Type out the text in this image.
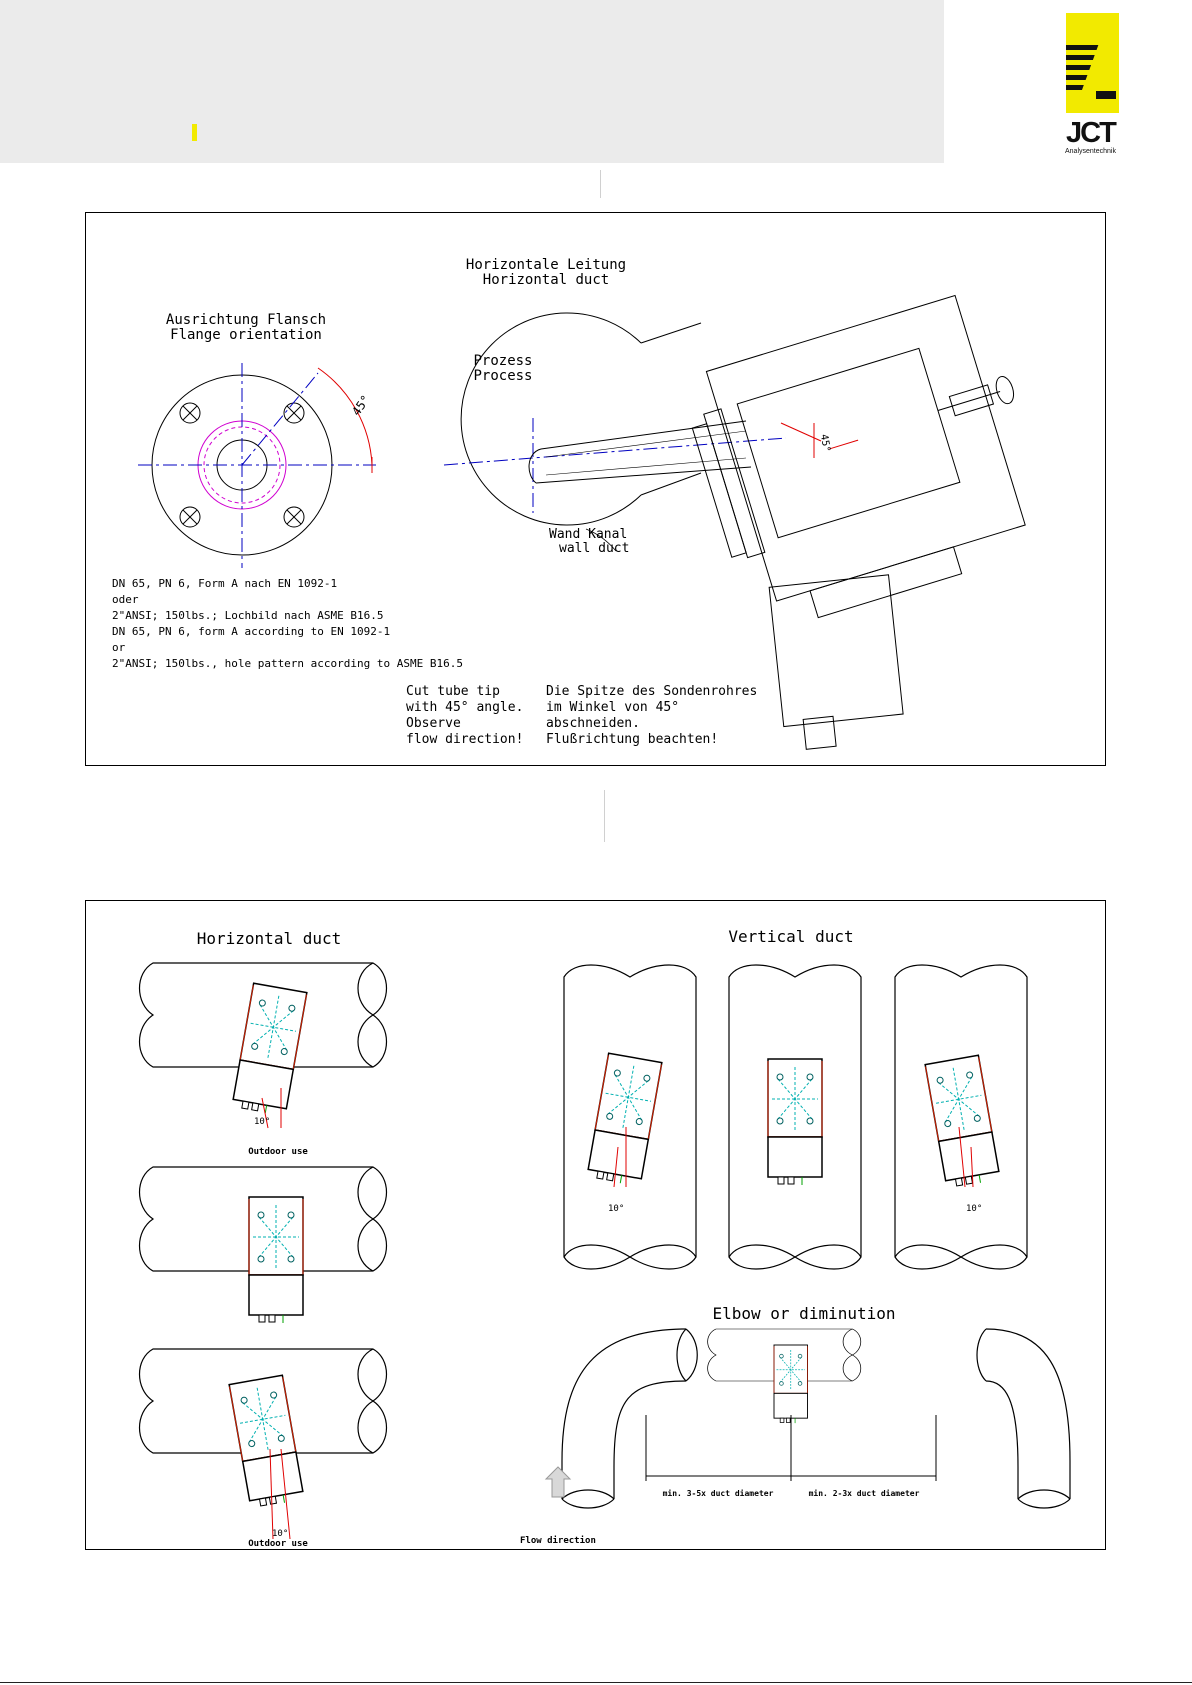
JCT
Analysentechnik
Horizontale Leitung
Horizontal duct
Ausrichtung Flansch
Flange orientation
45°
Prozess
Process
45°
Wand Kanal
wall duct
DN 65, PN 6, Form A nach EN 1092-1
oder
2"ANSI; 150lbs.; Lochbild nach ASME B16.5
DN 65, PN 6, form A according to EN 1092-1
or
2"ANSI; 150lbs., hole pattern according to ASME B16.5
Cut tube tip
with 45° angle.
Observe
flow direction!
Die Spitze des Sondenrohres
im Winkel von 45°
abschneiden.
Flußrichtung beachten!
Horizontal duct	Vertical duct
Elbow or diminution
10°
Outdoor use
10°
Outdoor use
10°	10°
min. 3-5x duct diameter	min. 2-3x duct diameter
Flow direction
